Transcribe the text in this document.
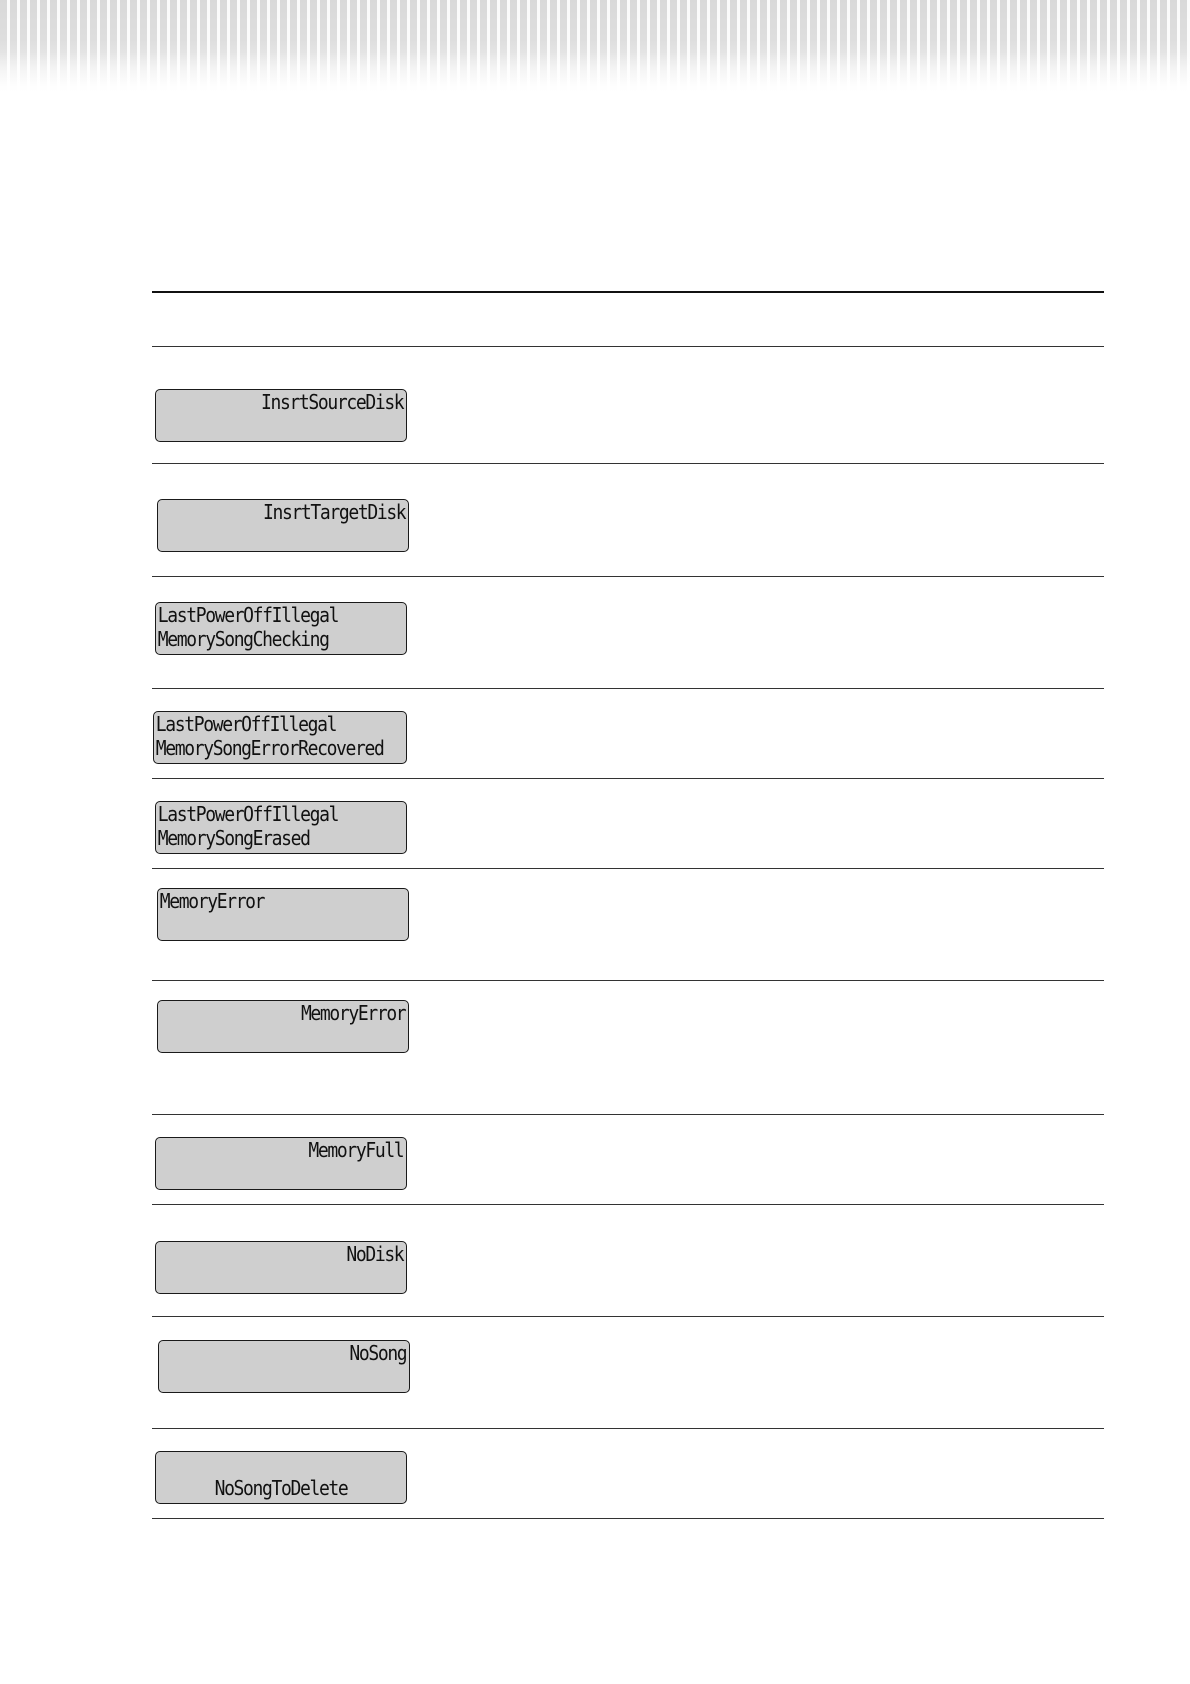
InsrtSourceDisk
InsrtTargetDisk
LastPowerOffIllegal
MemorySongChecking
LastPowerOffIllegal
MemorySongErrorRecovered
LastPowerOffIllegal
MemorySongErased
MemoryError
MemoryError
MemoryFull
NoDisk
NoSong
NoSongToDelete
